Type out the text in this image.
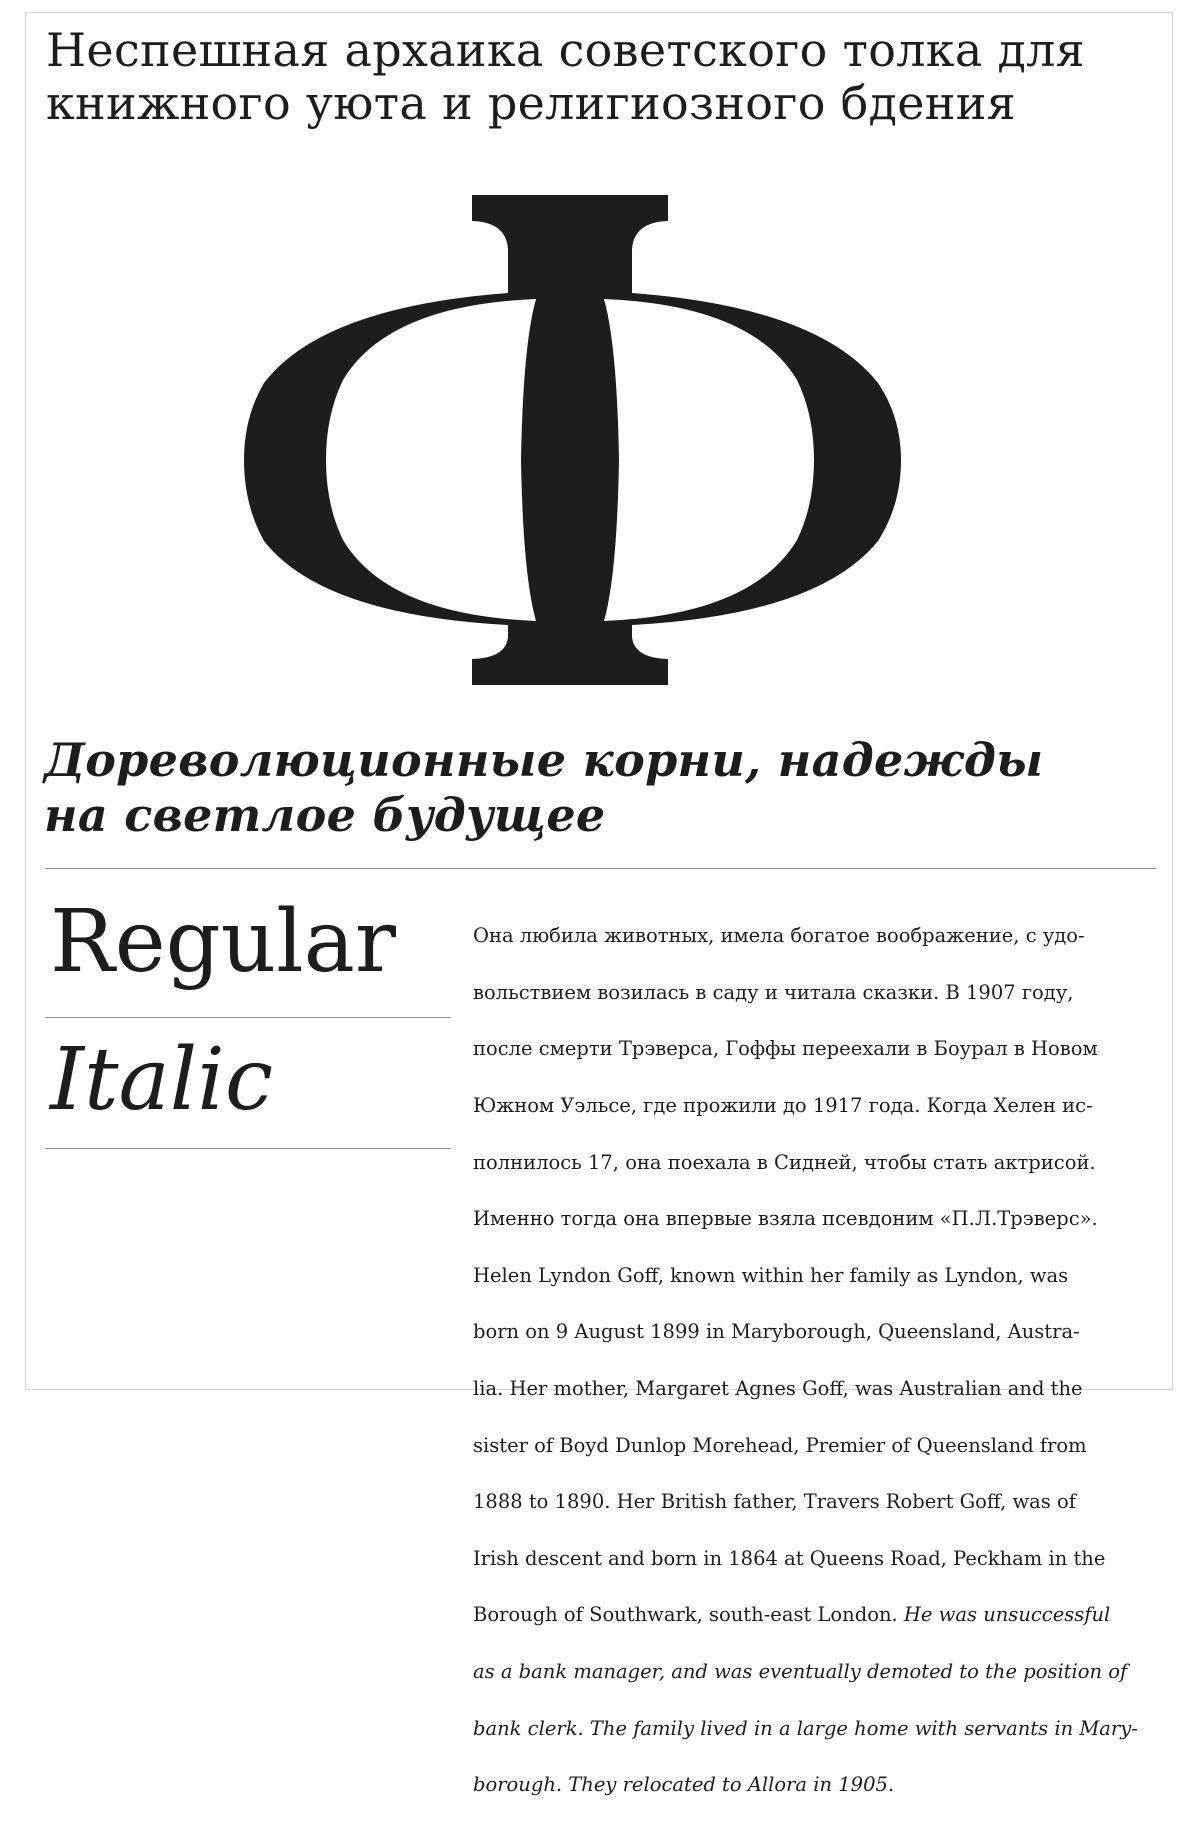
Неспешная архаика советского толка для
книжного уюта и религиозного бдения
Дореволюционные корни, надежды
на светлое будущее
Regular
Italic

Она любила животных, имела богатое воображение, с удо-

вольствием возилась в саду и читала сказки. В 1907 году,

после смерти Трэверса, Гоффы переехали в Боурал в Новом

Южном Уэльсе, где прожили до 1917 года. Когда Хелен ис-

полнилось 17, она поехала в Сидней, чтобы стать актрисой.

Именно тогда она впервые взяла псевдоним «П.Л.Трэверс».

Helen Lyndon Goff, known within her family as Lyndon, was

born on 9 August 1899 in Maryborough, Queensland, Austra-

lia. Her mother, Margaret Agnes Goff, was Australian and the

sister of Boyd Dunlop Morehead, Premier of Queensland from

1888 to 1890. Her British father, Travers Robert Goff, was of

Irish descent and born in 1864 at Queens Road, Peckham in the

Borough of Southwark, south-east London. He was unsuccessful

as a bank manager, and was eventually demoted to the position of

bank clerk. The family lived in a large home with servants in Mary-

borough. They relocated to Allora in 1905.
